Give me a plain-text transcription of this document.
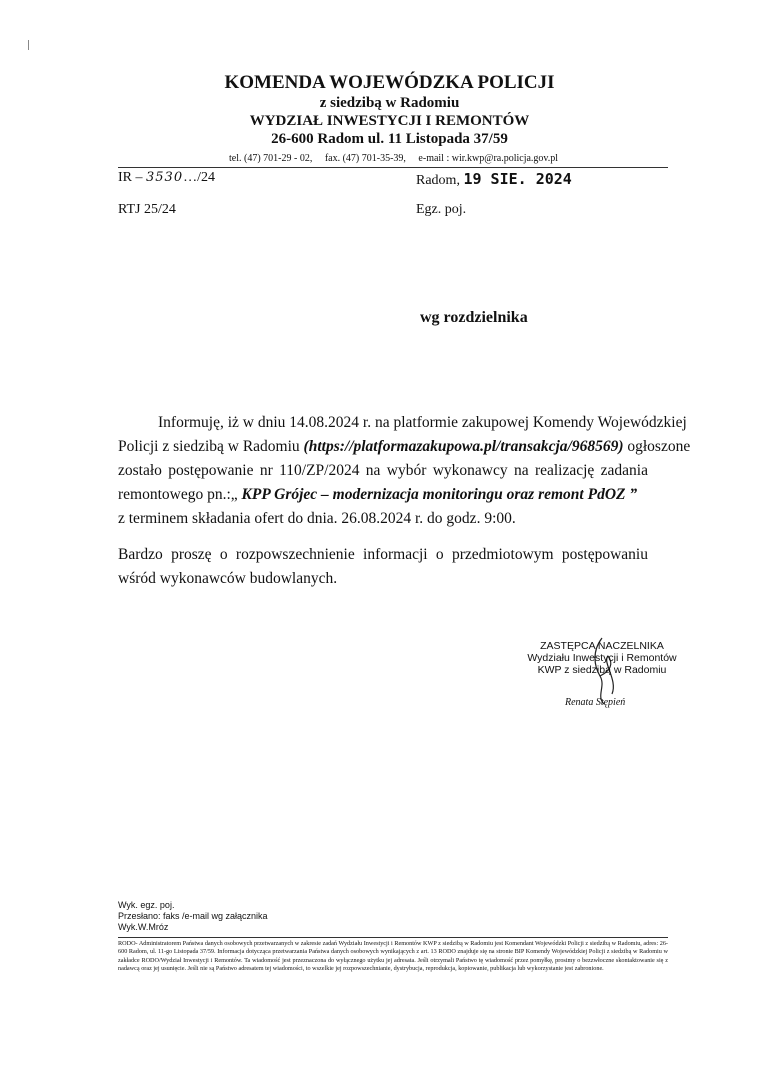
KOMENDA WOJEWÓDZKA POLICJI
z siedzibą w Radomiu
WYDZIAŁ INWESTYCJI I REMONTÓW
26-600 Radom ul. 11 Listopada 37/59
tel. (47) 701-29 - 02, fax. (47) 701-35-39, e-mail : wir.kwp@ra.policja.gov.pl
IR – 3530…/24
RTJ 25/24
Radom, 19 SIE. 2024
Egz. poj.
wg rozdzielnika
Informuję, iż w dniu 14.08.2024 r. na platformie zakupowej Komendy Wojewódzkiej
Policji z siedzibą w Radomiu (https://platformazakupowa.pl/transakcja/968569) ogłoszone
zostało postępowanie nr 110/ZP/2024 na wybór wykonawcy na realizację zadania
remontowego pn.:„ KPP Grójec – modernizacja monitoringu oraz remont PdOZ ”
z terminem składania ofert do dnia. 26.08.2024 r. do godz. 9:00.
Bardzo proszę o rozpowszechnienie informacji o przedmiotowym postępowaniu
wśród wykonawców budowlanych.
ZASTĘPCA NACZELNIKA
Wydziału Inwestycji i Remontów
KWP z siedzibą w Radomiu
Renata Stępień
Wyk. egz. poj.
Przesłano: faks /e-mail wg załącznika
Wyk.W.Mróz
RODO- Administratorem Państwa danych osobowych przetwarzanych w zakresie zadań Wydziału Inwestycji i Remontów KWP z siedzibą w Radomiu jest Komendant Wojewódzki Policji z siedzibą w Radomiu, adres: 26-600 Radom, ul. 11-go Listopada 37/59. Informacja dotycząca przetwarzania Państwa danych osobowych wynikających z art. 13 RODO znajduje się na stronie BIP Komendy Wojewódzkiej Policji z siedzibą w Radomiu w zakładce RODO/Wydział Inwestycji i Remontów. Ta wiadomość jest przeznaczona do wyłącznego użytku jej adresata. Jeśli otrzymali Państwo tę wiadomość przez pomyłkę, prosimy o bezzwłoczne skontaktowanie się z nadawcą oraz jej usunięcie. Jeśli nie są Państwo adresatem tej wiadomości, to wszelkie jej rozpowszechnianie, dystrybucja, reprodukcja, kopiowanie, publikacja lub wykorzystanie jest zabronione.
